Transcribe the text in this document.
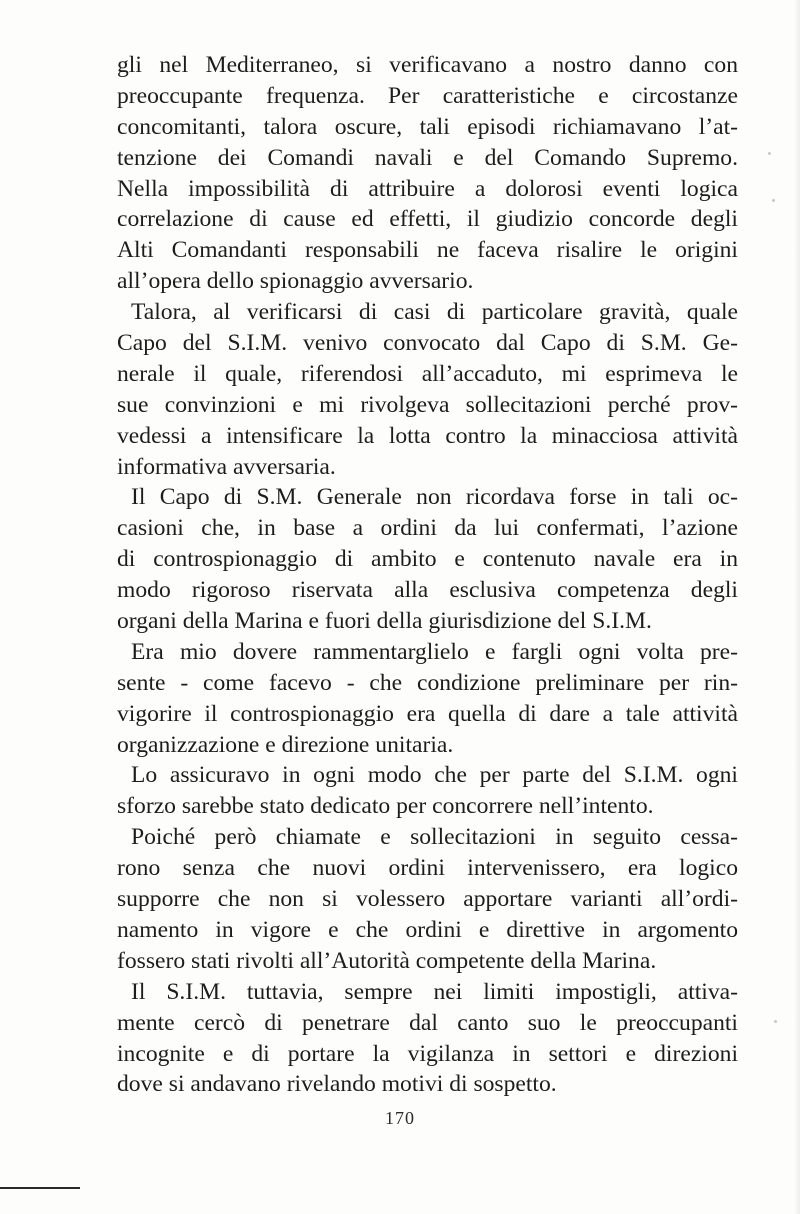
gli nel Mediterraneo, si verificavano a nostro danno con
preoccupante frequenza. Per caratteristiche e circostanze
concomitanti, talora oscure, tali episodi richiamavano l’at-
tenzione dei Comandi navali e del Comando Supremo.
Nella impossibilità di attribuire a dolorosi eventi logica
correlazione di cause ed effetti, il giudizio concorde degli
Alti Comandanti responsabili ne faceva risalire le origini
all’opera dello spionaggio avversario.
Talora, al verificarsi di casi di particolare gravità, quale
Capo del S.I.M. venivo convocato dal Capo di S.M. Ge-
nerale il quale, riferendosi all’accaduto, mi esprimeva le
sue convinzioni e mi rivolgeva sollecitazioni perché prov-
vedessi a intensificare la lotta contro la minacciosa attività
informativa avversaria.
Il Capo di S.M. Generale non ricordava forse in tali oc-
casioni che, in base a ordini da lui confermati, l’azione
di controspionaggio di ambito e contenuto navale era in
modo rigoroso riservata alla esclusiva competenza degli
organi della Marina e fuori della giurisdizione del S.I.M.
Era mio dovere rammentarglielo e fargli ogni volta pre-
sente - come facevo - che condizione preliminare per rin-
vigorire il controspionaggio era quella di dare a tale attività
organizzazione e direzione unitaria.
Lo assicuravo in ogni modo che per parte del S.I.M. ogni
sforzo sarebbe stato dedicato per concorrere nell’intento.
Poiché però chiamate e sollecitazioni in seguito cessa-
rono senza che nuovi ordini intervenissero, era logico
supporre che non si volessero apportare varianti all’ordi-
namento in vigore e che ordini e direttive in argomento
fossero stati rivolti all’Autorità competente della Marina.
Il S.I.M. tuttavia, sempre nei limiti impostigli, attiva-
mente cercò di penetrare dal canto suo le preoccupanti
incognite e di portare la vigilanza in settori e direzioni
dove si andavano rivelando motivi di sospetto.
170
